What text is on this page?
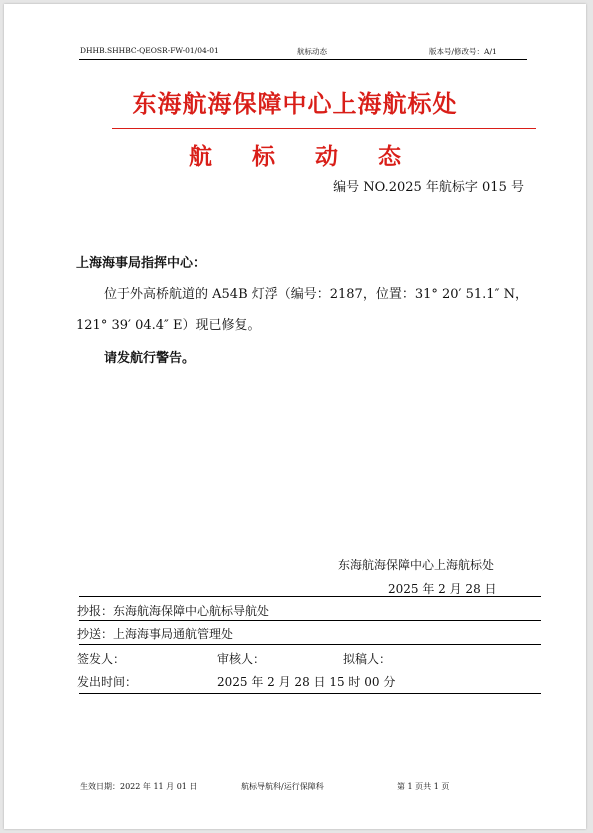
DHHB.SHHBC-QEOSR-FW-01/04-01	航标动态	版本号/修改号：A/1
东海航海保障中心上海航标处
航 标 动 态
编号 NO.2025 年航标字 015 号
上海海事局指挥中心：
位于外高桥航道的 A54B 灯浮（编号：2187，位置：31° 20′ 51.1″ N，
121° 39′ 04.4″ E）现已修复。
请发航行警告。
东海航海保障中心上海航标处
2025 年 2 月 28 日
抄报：东海航海保障中心航标导航处
抄送：上海海事局通航管理处
签发人：	审核人：	拟稿人：
发出时间：	2025 年 2 月 28 日 15 时 00 分
生效日期：2022 年 11 月 01 日	航标导航科/运行保障科	第 1 页共 1 页
